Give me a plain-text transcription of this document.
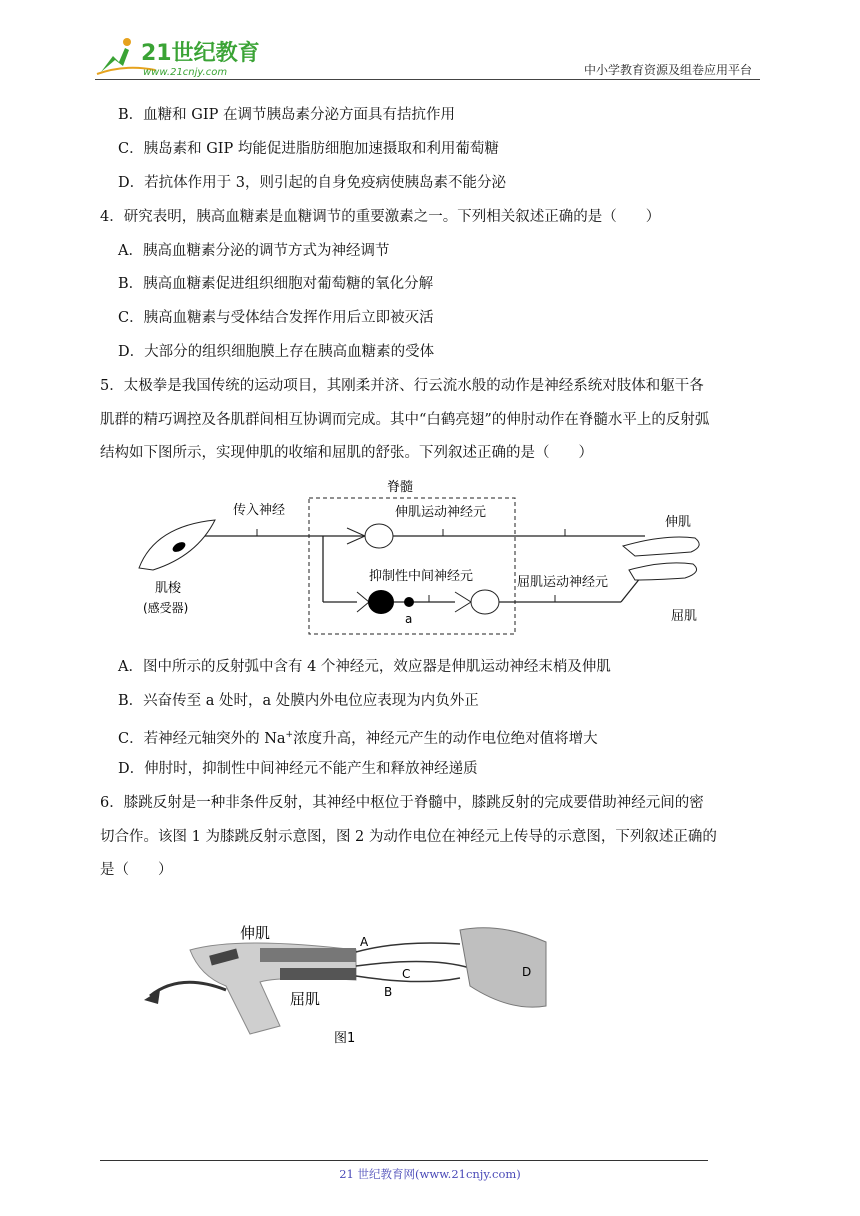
21世纪教育
www.21cnjy.com	中小学教育资源及组卷应用平台
B．血糖和 GIP 在调节胰岛素分泌方面具有拮抗作用
C．胰岛素和 GIP 均能促进脂肪细胞加速摄取和利用葡萄糖
D．若抗体作用于 3，则引起的自身免疫病使胰岛素不能分泌
4．研究表明，胰高血糖素是血糖调节的重要激素之一。下列相关叙述正确的是（　　）
A．胰高血糖素分泌的调节方式为神经调节
B．胰高血糖素促进组织细胞对葡萄糖的氧化分解
C．胰高血糖素与受体结合发挥作用后立即被灭活
D．大部分的组织细胞膜上存在胰高血糖素的受体
5．太极拳是我国传统的运动项目，其刚柔并济、行云流水般的动作是神经系统对肢体和躯干各
肌群的精巧调控及各肌群间相互协调而完成。其中“白鹤亮翅”的伸肘动作在脊髓水平上的反射弧
结构如下图所示，实现伸肌的收缩和屈肌的舒张。下列叙述正确的是（　　）
脊髓
传入神经	伸肌运动神经元
a
抑制性中间神经元	屈肌运动神经元
肌梭
(感受器)
伸肌
屈肌
A．图中所示的反射弧中含有 4 个神经元，效应器是伸肌运动神经末梢及伸肌
B．兴奋传至 a 处时，a 处膜内外电位应表现为内负外正
C．若神经元轴突外的 Na+浓度升高，神经元产生的动作电位绝对值将增大
D．伸肘时，抑制性中间神经元不能产生和释放神经递质
6．膝跳反射是一种非条件反射，其神经中枢位于脊髓中，膝跳反射的完成要借助神经元间的密
切合作。该图 1 为膝跳反射示意图，图 2 为动作电位在神经元上传导的示意图，下列叙述正确的
是（　　）
伸肌
屈肌
A
B
C	D
图1
21 世纪教育网(www.21cnjy.com)
